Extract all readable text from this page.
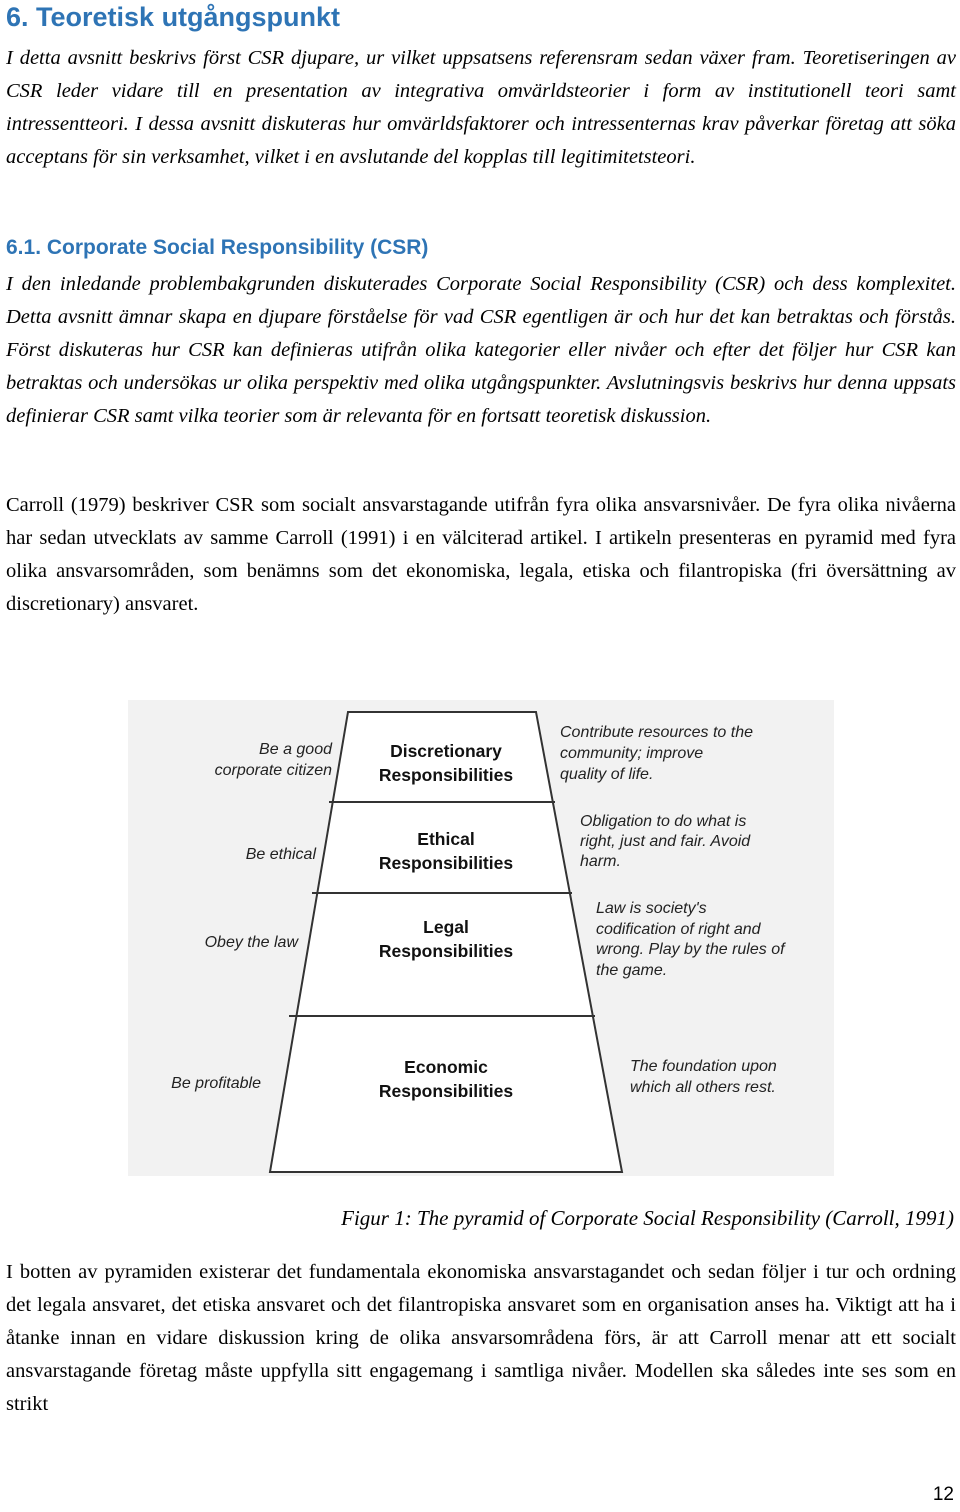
6. Teoretisk utgångspunkt

I detta avsnitt beskrivs först CSR djupare, ur vilket uppsatsens referensram sedan växer fram. Teoretiseringen av CSR leder vidare till en presentation av integrativa omvärldsteorier i form av institutionell teori samt intressentteori. I dessa avsnitt diskuteras hur omvärldsfaktorer och intressenternas krav påverkar företag att söka acceptans för sin verksamhet, vilket i en avslutande del kopplas till legitimitetsteori.

6.1. Corporate Social Responsibility (CSR)

I den inledande problembakgrunden diskuterades Corporate Social Responsibility (CSR) och dess komplexitet. Detta avsnitt ämnar skapa en djupare förståelse för vad CSR egentligen är och hur det kan betraktas och förstås. Först diskuteras hur CSR kan definieras utifrån olika kategorier eller nivåer och efter det följer hur CSR kan betraktas och undersökas ur olika perspektiv med olika utgångspunkter. Avslutningsvis beskrivs hur denna uppsats definierar CSR samt vilka teorier som är relevanta för en fortsatt teoretisk diskussion.

Carroll (1979) beskriver CSR som socialt ansvarstagande utifrån fyra olika ansvarsnivåer. De fyra olika nivåerna har sedan utvecklats av samme Carroll (1991) i en välciterad artikel. I artikeln presenteras en pyramid med fyra olika ansvarsområden, som benämns som det ekonomiska, legala, etiska och filantropiska (fri översättning av discretionary) ansvaret.

Discretionary
Responsibilities
Be a good
corporate citizen
Contribute resources to the
community; improve
quality of life.
Ethical
Responsibilities
Be ethical
Obligation to do what is
right, just and fair. Avoid
harm.
Legal
Responsibilities
Obey the law
Law is society's
codification of right and
wrong. Play by the rules of
the game.
Economic
Responsibilities
Be profitable
The foundation upon
which all others rest.

Figur 1: The pyramid of Corporate Social Responsibility (Carroll, 1991)

I botten av pyramiden existerar det fundamentala ekonomiska ansvarstagandet och sedan följer i tur och ordning det legala ansvaret, det etiska ansvaret och det filantropiska ansvaret som en organisation anses ha. Viktigt att ha i åtanke innan en vidare diskussion kring de olika ansvarsområdena förs, är att Carroll menar att ett socialt ansvarstagande företag måste uppfylla sitt engagemang i samtliga nivåer. Modellen ska således inte ses som en strikt

12
